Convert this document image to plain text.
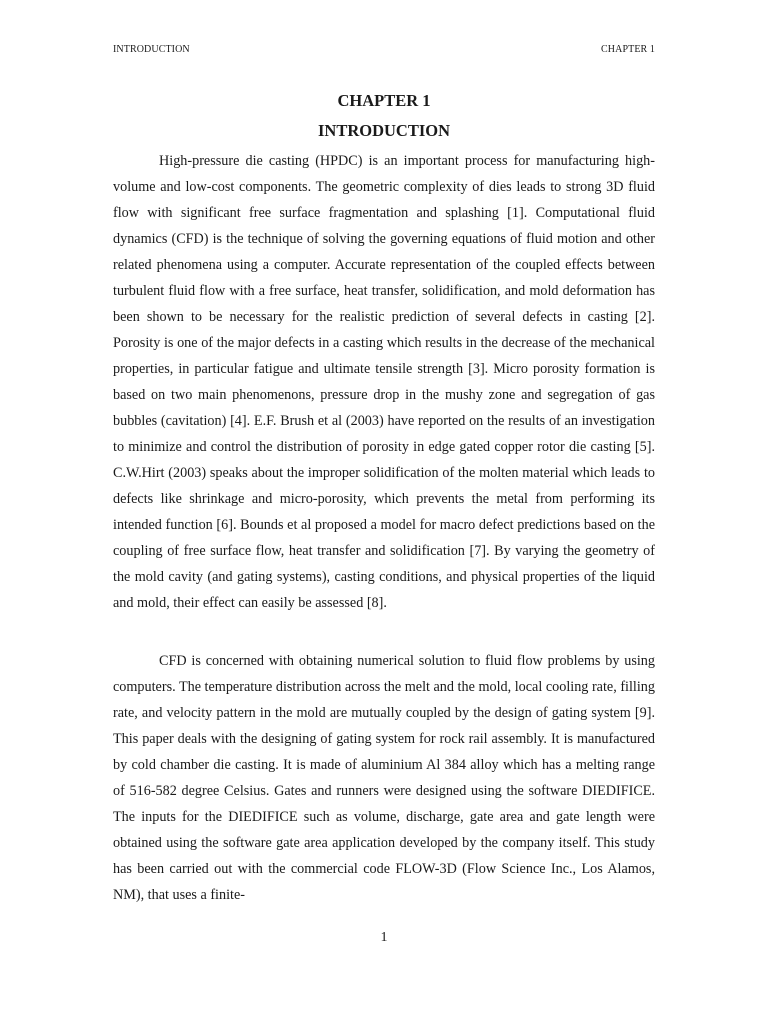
INTRODUCTION	CHAPTER 1
CHAPTER 1
INTRODUCTION

High-pressure die casting (HPDC) is an important process for manufacturing high-volume and low-cost components. The geometric complexity of dies leads to strong 3D fluid flow with significant free surface fragmentation and splashing [1]. Computational fluid dynamics (CFD) is the technique of solving the governing equations of fluid motion and other related phenomena using a computer. Accurate representation of the coupled effects between turbulent fluid flow with a free surface, heat transfer, solidification, and mold deformation has been shown to be necessary for the realistic prediction of several defects in casting [2]. Porosity is one of the major defects in a casting which results in the decrease of the mechanical properties, in particular fatigue and ultimate tensile strength [3]. Micro porosity formation is based on two main phenomenons, pressure drop in the mushy zone and segregation of gas bubbles (cavitation) [4]. E.F. Brush et al (2003) have reported on the results of an investigation to minimize and control the distribution of porosity in edge gated copper rotor die casting [5]. C.W.Hirt (2003) speaks about the improper solidification of the molten material which leads to defects like shrinkage and micro-porosity, which prevents the metal from performing its intended function [6]. Bounds et al proposed a model for macro defect predictions based on the coupling of free surface flow, heat transfer and solidification [7]. By varying the geometry of the mold cavity (and gating systems), casting conditions, and physical properties of the liquid and mold, their effect can easily be assessed [8].

CFD is concerned with obtaining numerical solution to fluid flow problems by using computers. The temperature distribution across the melt and the mold, local cooling rate, filling rate, and velocity pattern in the mold are mutually coupled by the design of gating system [9]. This paper deals with the designing of gating system for rock rail assembly. It is manufactured by cold chamber die casting. It is made of aluminium Al 384 alloy which has a melting range of 516-582 degree Celsius. Gates and runners were designed using the software DIEDIFICE. The inputs for the DIEDIFICE such as volume, discharge, gate area and gate length were obtained using the software gate area application developed by the company itself. This study has been carried out with the commercial code FLOW-3D (Flow Science Inc., Los Alamos, NM), that uses a finite-

1
